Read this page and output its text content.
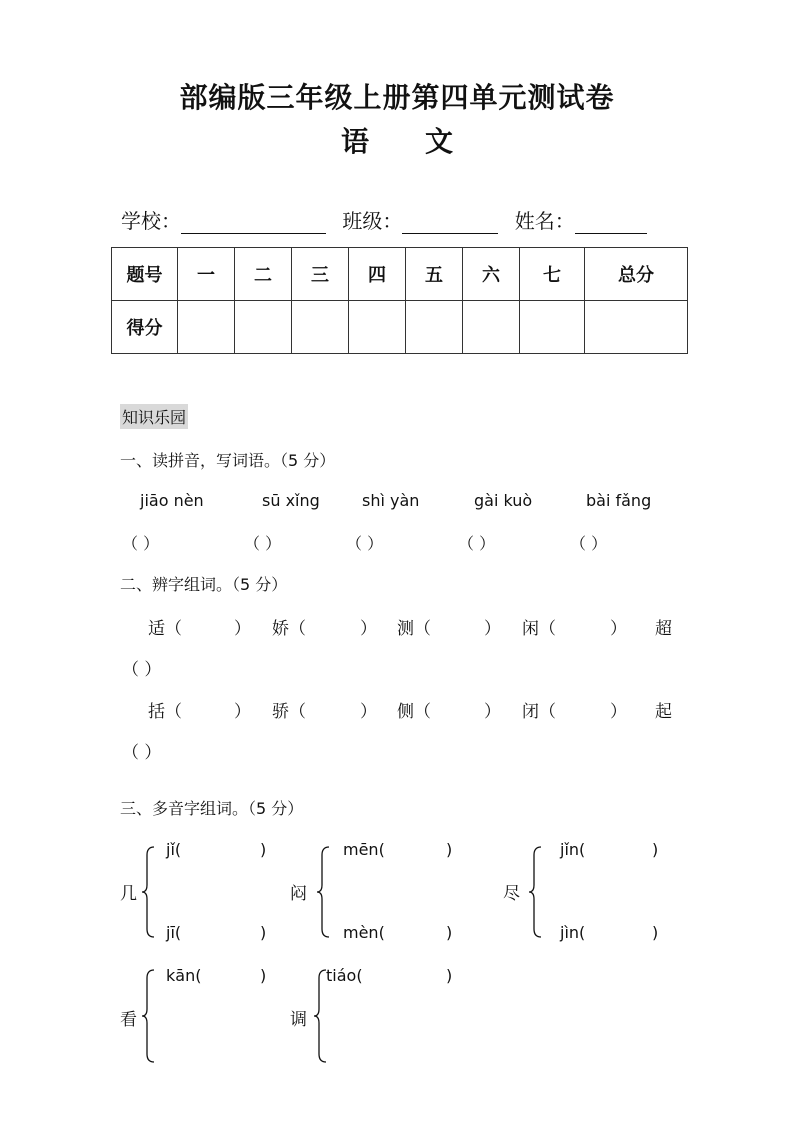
部编版三年级上册第四单元测试卷
语 文
学校：	班级：	姓名：
题号	一	二	三	四	五	六	七	总分
得分								
知识乐园
一、读拼音，写词语。（5 分）
jiāo nèn	sū xǐng	shì yàn	gài kuò	bài fǎng
（ ）	（ ）	（ ）	（ ）	（ ）
二、辨字组词。（5 分）
适（	） 娇（	） 测（	） 闲（	） 超
（ ）
括（	） 骄（	） 侧（	） 闭（	） 起
（ ）
三、多音字组词。（5 分）
几
jǐ(	)
jī(	)
闷
mēn(	)
mèn(	)
尽
jǐn(	)
jìn(	)
看
kān(	)
调
tiáo(	)
